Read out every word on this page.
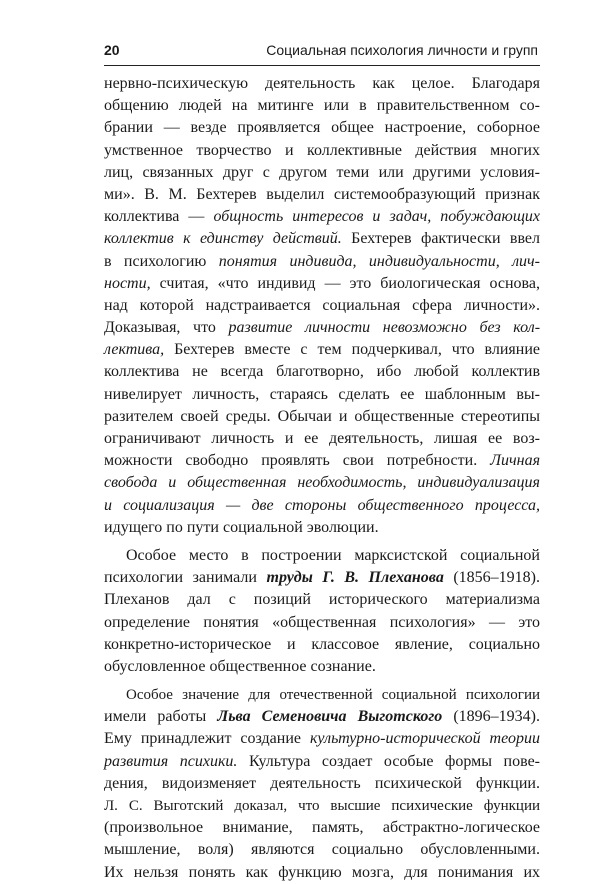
20	Социальная психология личности и групп
нервно-психическую деятельность как целое. Благодаря
общению людей на митинге или в правительственном со-
брании — везде проявляется общее настроение, соборное
умственное творчество и коллективные действия многих
лиц, связанных друг с другом теми или другими условия-
ми». В. М. Бехтерев выделил системообразующий признак
коллектива — общность интересов и задач, побуждающих
коллектив к единству действий. Бехтерев фактически ввел
в психологию понятия индивида, индивидуальности, лич-
ности, считая, «что индивид — это биологическая основа,
над которой надстраивается социальная сфера личности».
Доказывая, что развитие личности невозможно без кол-
лектива, Бехтерев вместе с тем подчеркивал, что влияние
коллектива не всегда благотворно, ибо любой коллектив
нивелирует личность, стараясь сделать ее шаблонным вы-
разителем своей среды. Обычаи и общественные стереотипы
ограничивают личность и ее деятельность, лишая ее воз-
можности свободно проявлять свои потребности. Личная
свобода и общественная необходимость, индивидуализация
и социализация — две стороны общественного процесса,
идущего по пути социальной эволюции.
Особое место в построении марксистской социальной
психологии занимали труды Г. В. Плеханова (1856–1918).
Плеханов дал с позиций исторического материализма
определение понятия «общественная психология» — это
конкретно-историческое и классовое явление, социально
обусловленное общественное сознание.
Особое значение для отечественной социальной психологии
имели работы Льва Семеновича Выготского (1896–1934).
Ему принадлежит создание культурно-исторической теории
развития психики. Культура создает особые формы пове-
дения, видоизменяет деятельность психической функции.
Л. С. Выготский доказал, что высшие психические функции
(произвольное внимание, память, абстрактно-логическое
мышление, воля) являются социально обусловленными.
Их нельзя понять как функцию мозга, для понимания их
